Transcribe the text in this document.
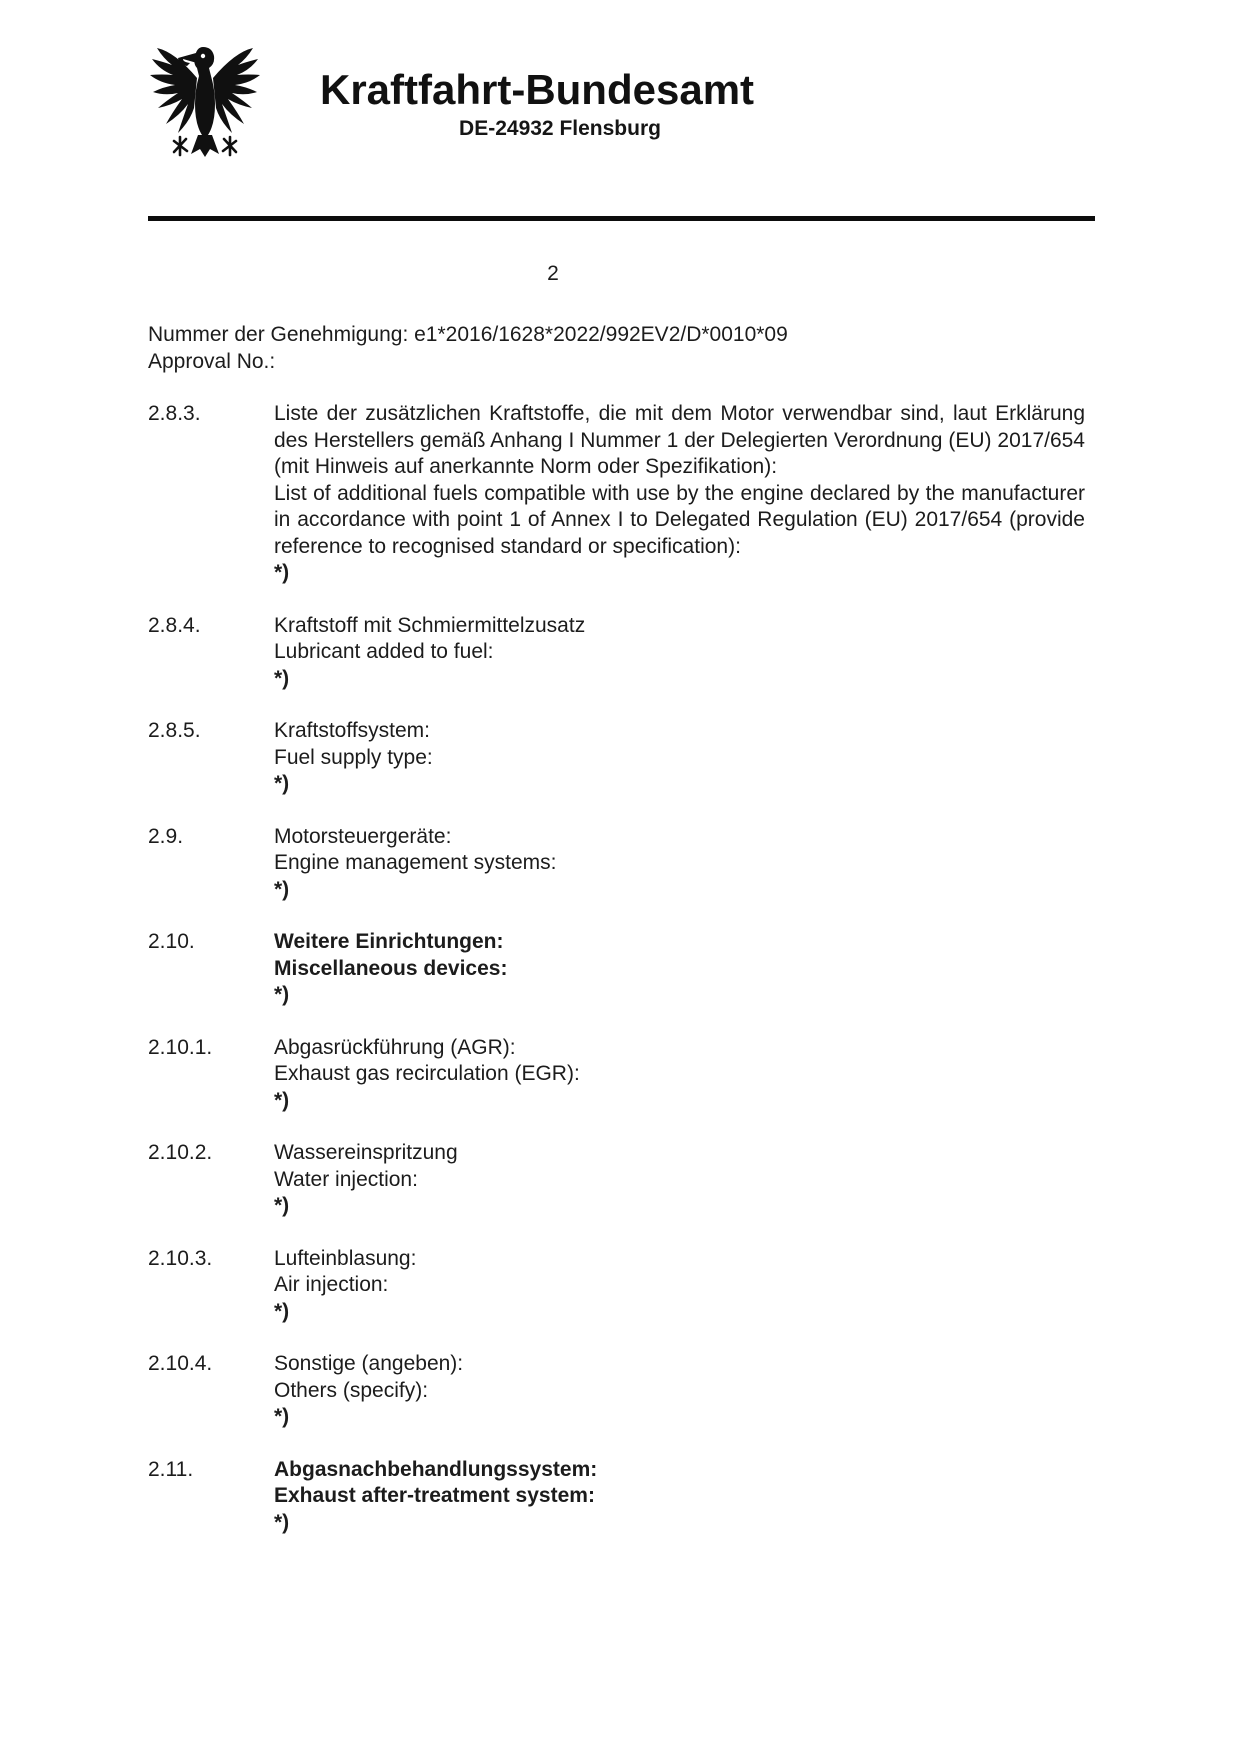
Kraftfahrt-Bundesamt
DE-24932 Flensburg
2

Nummer der Genehmigung: e1*2016/1628*2022/992EV2/D*0010*09

Approval No.:

2.8.3.	Liste der zusätzlichen Kraftstoffe, die mit dem Motor verwendbar sind, laut Erklärung des Herstellers gemäß Anhang I Nummer 1 der Delegierten Verordnung (EU) 2017/654 (mit Hinweis auf anerkannte Norm oder Spezifikation):

List of additional fuels compatible with use by the engine declared by the manufacturer in accordance with point 1 of Annex I to Delegated Regulation (EU) 2017/654 (provide reference to recognised standard or specification):

*)

2.8.4.	Kraftstoff mit Schmiermittelzusatz

Lubricant added to fuel:

*)

2.8.5.	Kraftstoffsystem:

Fuel supply type:

*)

2.9.	Motorsteuergeräte:

Engine management systems:

*)

2.10.	Weitere Einrichtungen:

Miscellaneous devices:

*)

2.10.1.	Abgasrückführung (AGR):

Exhaust gas recirculation (EGR):

*)

2.10.2.	Wassereinspritzung

Water injection:

*)

2.10.3.	Lufteinblasung:

Air injection:

*)

2.10.4.	Sonstige (angeben):

Others (specify):

*)

2.11.	Abgasnachbehandlungssystem:

Exhaust after-treatment system:

*)
